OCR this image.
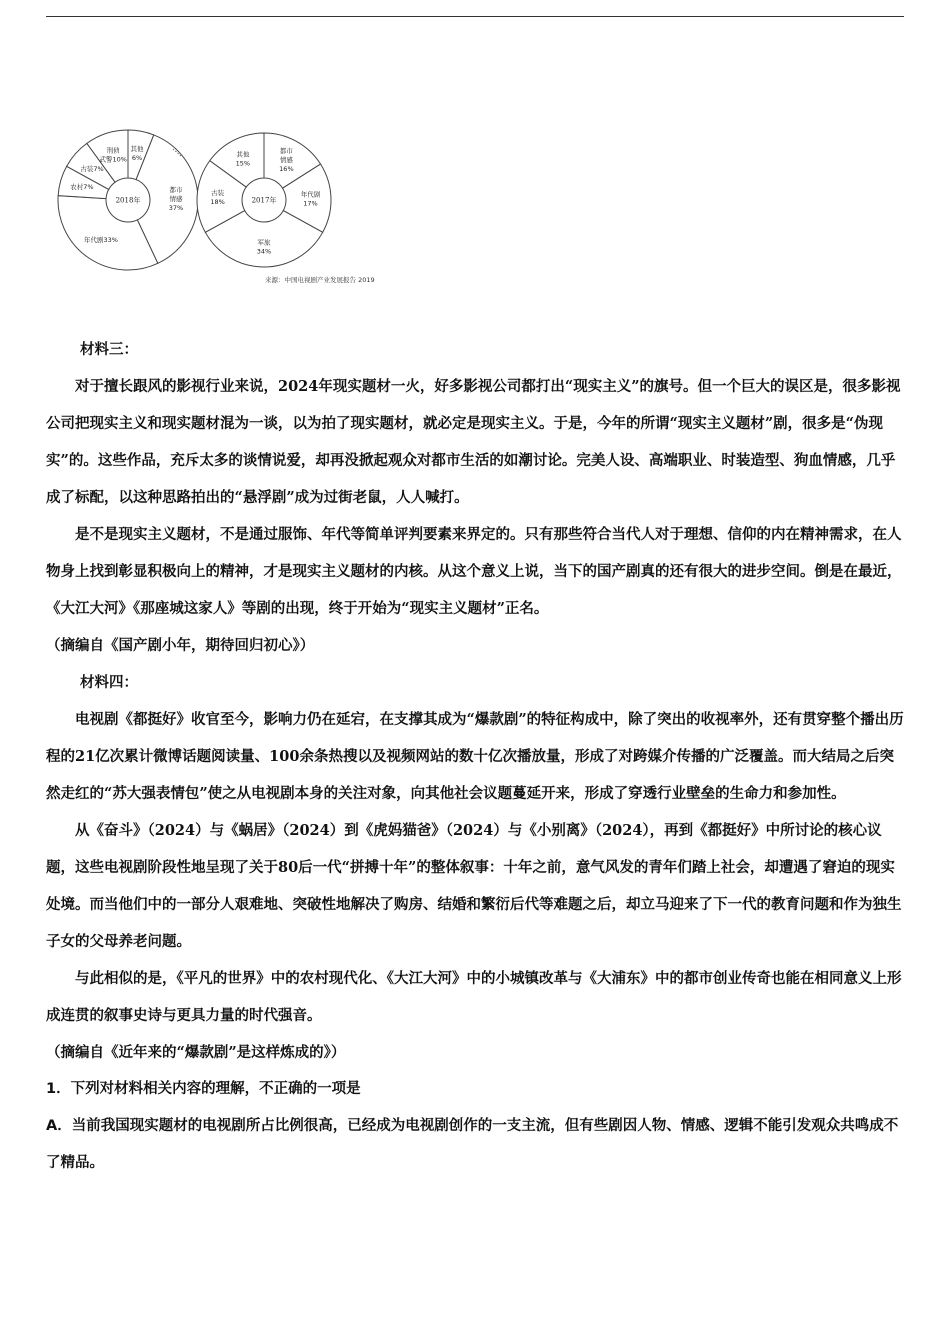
其他 6%
都市情感 37%
年代剧33%
农村7%
古装7%
刑侦武警10%
2018年
都市情感 16%
年代剧 17%
军旅 34%
古装 18%
其他 15%
2017年
来源：中国电视剧产业发展报告 2019

材料三：

对于擅长跟风的影视行业来说，2024年现实题材一火，好多影视公司都打出“现实主义”的旗号。但一个巨大的误区是，很多影视公司把现实主义和现实题材混为一谈，以为拍了现实题材，就必定是现实主义。于是，今年的所谓“现实主义题材”剧，很多是“伪现实”的。这些作品，充斥太多的谈情说爱，却再没掀起观众对都市生活的如潮讨论。完美人设、高端职业、时装造型、狗血情感，几乎成了标配，以这种思路拍出的“悬浮剧”成为过街老鼠，人人喊打。

是不是现实主义题材，不是通过服饰、年代等简单评判要素来界定的。只有那些符合当代人对于理想、信仰的内在精神需求，在人物身上找到彰显积极向上的精神，才是现实主义题材的内核。从这个意义上说，当下的国产剧真的还有很大的进步空间。倒是在最近，《大江大河》《那座城这家人》等剧的出现，终于开始为“现实主义题材”正名。

（摘编自《国产剧小年，期待回归初心》）

材料四：

电视剧《都挺好》收官至今，影响力仍在延宕，在支撑其成为“爆款剧”的特征构成中，除了突出的收视率外，还有贯穿整个播出历程的21亿次累计微博话题阅读量、100余条热搜以及视频网站的数十亿次播放量，形成了对跨媒介传播的广泛覆盖。而大结局之后突然走红的“苏大强表情包”使之从电视剧本身的关注对象，向其他社会议题蔓延开来，形成了穿透行业壁垒的生命力和参加性。

从《奋斗》（2024）与《蜗居》（2024）到《虎妈猫爸》（2024）与《小别离》（2024），再到《都挺好》中所讨论的核心议题，这些电视剧阶段性地呈现了关于80后一代“拼搏十年”的整体叙事：十年之前，意气风发的青年们踏上社会，却遭遇了窘迫的现实处境。而当他们中的一部分人艰难地、突破性地解决了购房、结婚和繁衍后代等难题之后，却立马迎来了下一代的教育问题和作为独生子女的父母养老问题。

与此相似的是，《平凡的世界》中的农村现代化、《大江大河》中的小城镇改革与《大浦东》中的都市创业传奇也能在相同意义上形成连贯的叙事史诗与更具力量的时代强音。

（摘编自《近年来的“爆款剧”是这样炼成的》）

1．下列对材料相关内容的理解，不正确的一项是

A．当前我国现实题材的电视剧所占比例很高，已经成为电视剧创作的一支主流，但有些剧因人物、情感、逻辑不能引发观众共鸣成不了精品。
